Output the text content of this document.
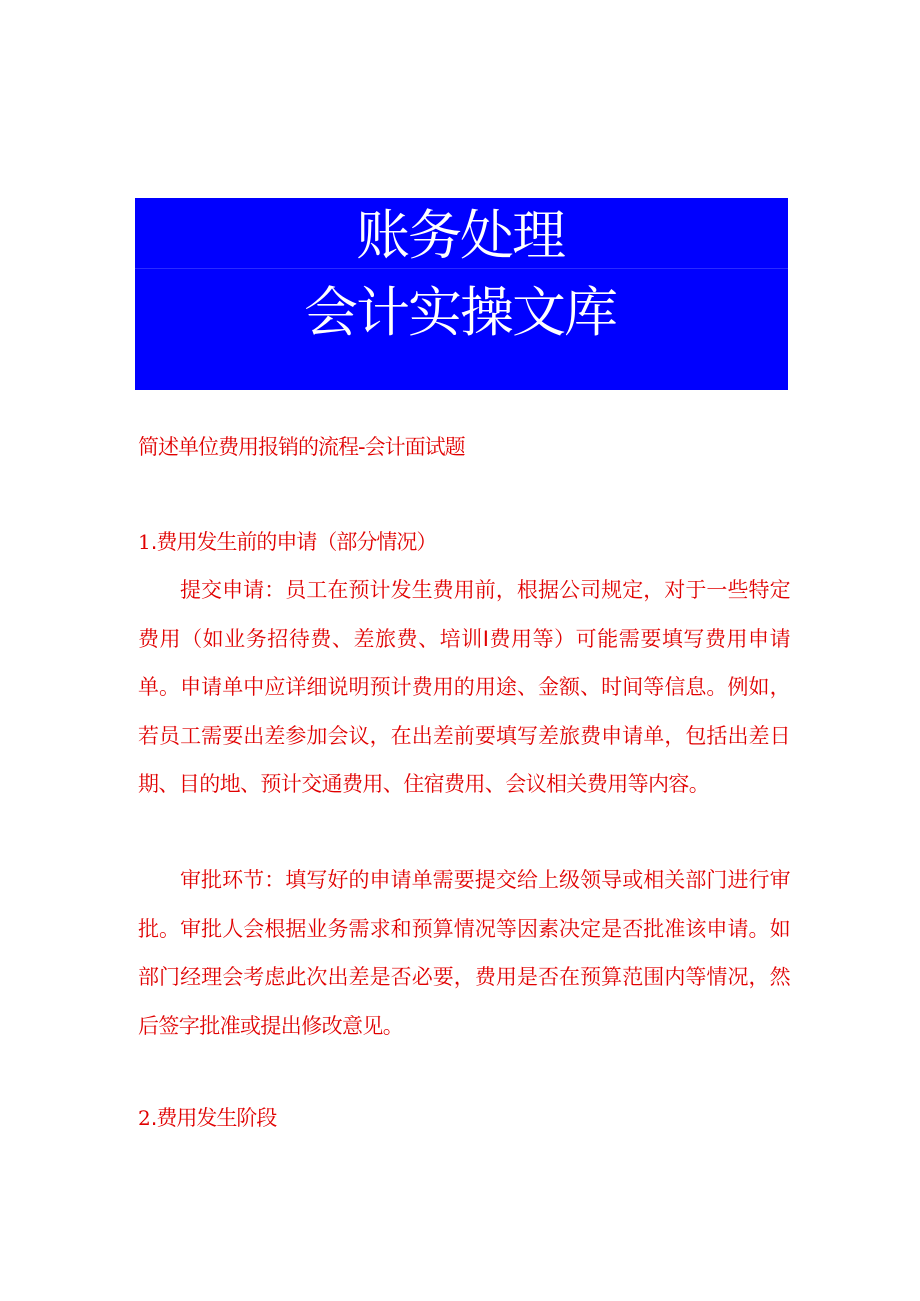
账务处理
会计实操文库
简述单位费用报销的流程-会计面试题
1.费用发生前的申请（部分情况）

提交申请：员工在预计发生费用前，根据公司规定，对于一些特定费用（如业务招待费、差旅费、培训I费用等）可能需要填写费用申请单。申请单中应详细说明预计费用的用途、金额、时间等信息。例如，若员工需要出差参加会议，在出差前要填写差旅费申请单，包括出差日期、目的地、预计交通费用、住宿费用、会议相关费用等内容。

审批环节：填写好的申请单需要提交给上级领导或相关部门进行审批。审批人会根据业务需求和预算情况等因素决定是否批准该申请。如部门经理会考虑此次出差是否必要，费用是否在预算范围内等情况，然后签字批准或提出修改意见。

2.费用发生阶段
